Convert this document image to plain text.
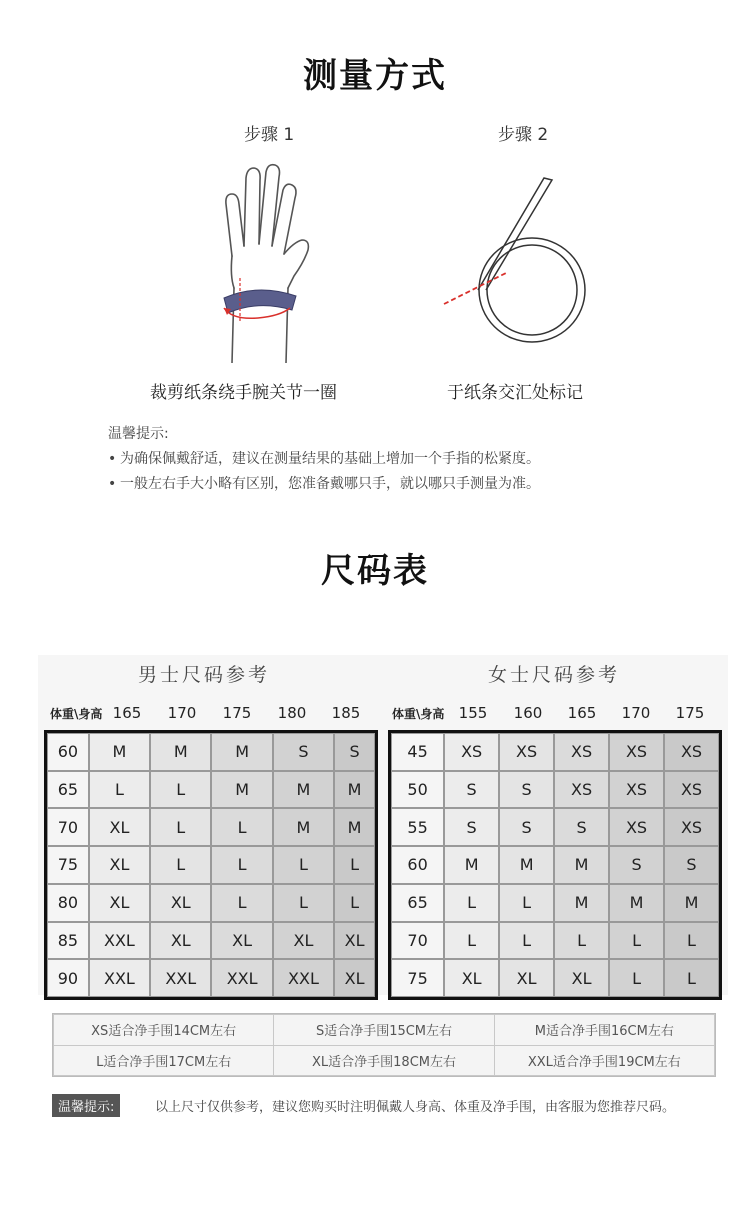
测量方式
步骤 1	步骤 2
裁剪纸条绕手腕关节一圈	于纸条交汇处标记
温馨提示:
• 为确保佩戴舒适，建议在测量结果的基础上增加一个手指的松紧度。
• 一般左右手大小略有区别，您准备戴哪只手，就以哪只手测量为准。
尺码表
男士尺码参考	女士尺码参考
体重\身高 165 170 175 180 185	体重\身高 155 160 165 170 175
60	M	M	M	S	S
65	L	L	M	M	M
70	XL	L	L	M	M
75	XL	L	L	L	L
80	XL	XL	L	L	L
85	XXL	XL	XL	XL	XL
90	XXL	XXL	XXL	XXL	XL
45	XS	XS	XS	XS	XS
50	S	S	XS	XS	XS
55	S	S	S	XS	XS
60	M	M	M	S	S
65	L	L	M	M	M
70	L	L	L	L	L
75	XL	XL	XL	L	L
XS适合净手围14CM左右	S适合净手围15CM左右	M适合净手围16CM左右
L适合净手围17CM左右	XL适合净手围18CM左右	XXL适合净手围19CM左右
温馨提示:	以上尺寸仅供参考，建议您购买时注明佩戴人身高、体重及净手围，由客服为您推荐尺码。
